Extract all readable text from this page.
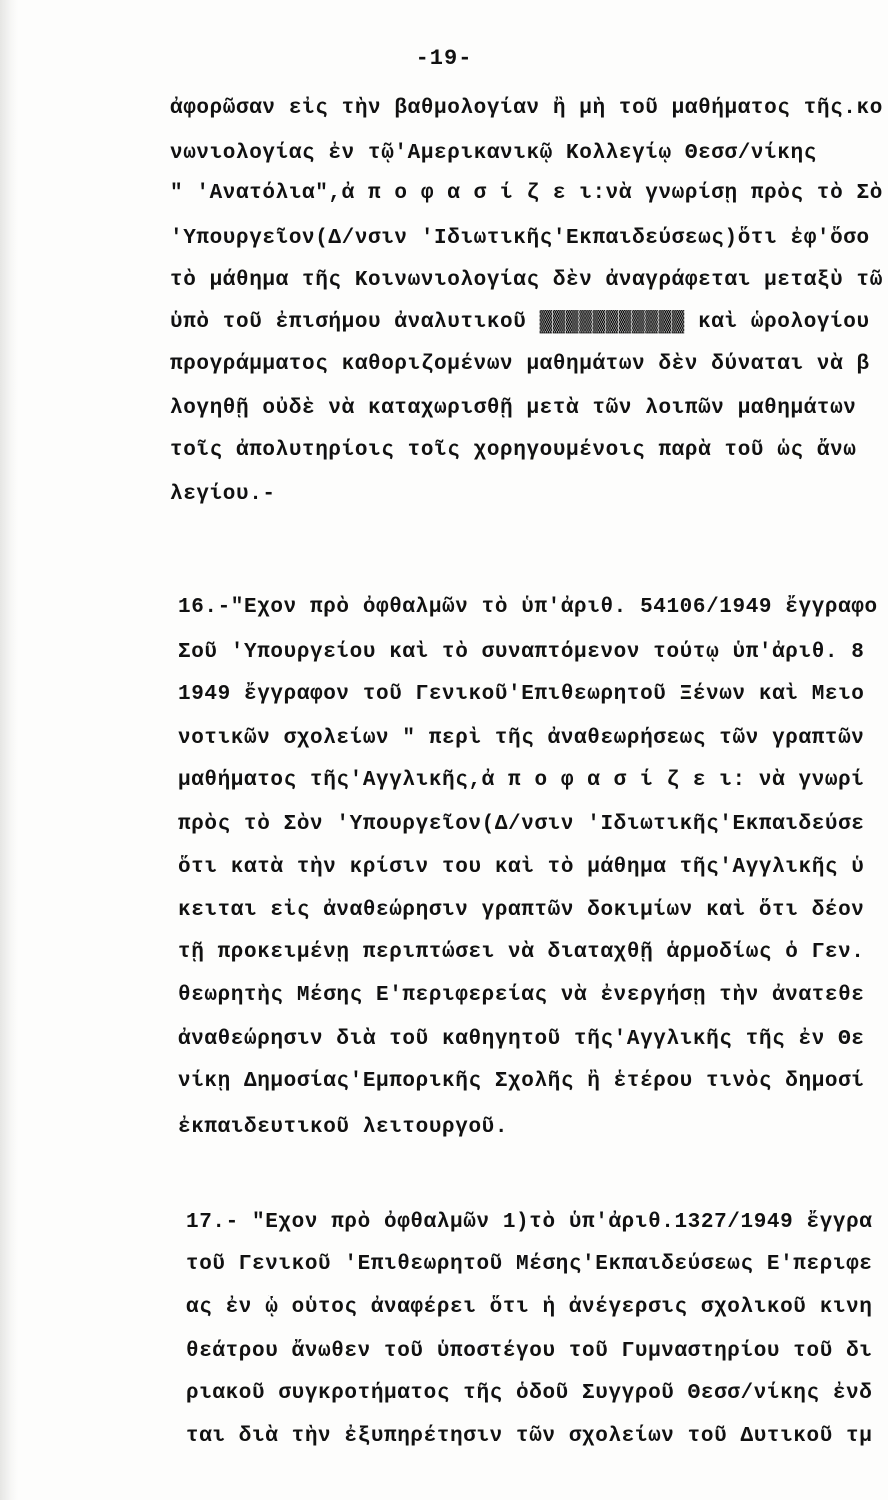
-19-
ἀφορῶσαν εἰς τὴν βαθμολογίαν ἢ μὴ τοῦ μαθήματος τῆς.κο
νωνιολογίας ἐν τῷ'Αμερικανικῷ Κολλεγίῳ Θεσσ/νίκης
" 'Ανατόλια",ἀ π ο φ α σ ί ζ ε ι:νὰ γνωρίσῃ πρὸς τὸ Σὸ
'Υπουργεῖον(Δ/νσιν 'Ιδιωτικῆς'Εκπαιδεύσεως)ὅτι ἐφ'ὅσο
τὸ μάθημα τῆς Κοινωνιολογίας δὲν ἀναγράφεται μεταξὺ τῶ
ὑπὸ τοῦ ἐπισήμου ἀναλυτικοῦ ▓▓▓▓▓▓▓▓▓▓▓ καὶ ὡρολογίου
προγράμματος καθοριζομένων μαθημάτων δὲν δύναται νὰ β
λογηθῇ οὐδὲ νὰ καταχωρισθῇ μετὰ τῶν λοιπῶν μαθημάτων
τοῖς ἀπολυτηρίοις τοῖς χορηγουμένοις παρὰ τοῦ ὡς ἄνω
λεγίου.-
16.-"Εχον πρὸ ὀφθαλμῶν τὸ ὑπ'ἀριθ. 54106/1949 ἔγγραφο
Σοῦ 'Υπουργείου καὶ τὸ συναπτόμενον τούτῳ ὑπ'ἀριθ. 8
1949 ἔγγραφον τοῦ Γενικοῦ'Επιθεωρητοῦ Ξένων καὶ Μειο
νοτικῶν σχολείων " περὶ τῆς ἀναθεωρήσεως τῶν γραπτῶν
μαθήματος τῆς'Αγγλικῆς,ἀ π ο φ α σ ί ζ ε ι: νὰ γνωρί
πρὸς τὸ Σὸν 'Υπουργεῖον(Δ/νσιν 'Ιδιωτικῆς'Εκπαιδεύσε
ὅτι κατὰ τὴν κρίσιν του καὶ τὸ μάθημα τῆς'Αγγλικῆς ὑ
κειται εἰς ἀναθεώρησιν γραπτῶν δοκιμίων καὶ ὅτι δέον
τῇ προκειμένῃ περιπτώσει νὰ διαταχθῇ ἁρμοδίως ὁ Γεν.
θεωρητὴς Μέσης Ε'περιφερείας νὰ ἐνεργήσῃ τὴν ἀνατεθε
ἀναθεώρησιν διὰ τοῦ καθηγητοῦ τῆς'Αγγλικῆς τῆς ἐν Θε
νίκῃ Δημοσίας'Εμπορικῆς Σχολῆς ἢ ἑτέρου τινὸς δημοσί
ἐκπαιδευτικοῦ λειτουργοῦ.
17.- "Εχον πρὸ ὀφθαλμῶν 1)τὸ ὑπ'ἀριθ.1327/1949 ἔγγρα
τοῦ Γενικοῦ 'Επιθεωρητοῦ Μέσης'Εκπαιδεύσεως Ε'περιφε
ας ἐν ᾧ οὗτος ἀναφέρει ὅτι ἡ ἀνέγερσις σχολικοῦ κινη
θεάτρου ἄνωθεν τοῦ ὑποστέγου τοῦ Γυμναστηρίου τοῦ δι
ριακοῦ συγκροτήματος τῆς ὁδοῦ Συγγροῦ Θεσσ/νίκης ἐνδ
ται διὰ τὴν ἐξυπηρέτησιν τῶν σχολείων τοῦ Δυτικοῦ τμ
